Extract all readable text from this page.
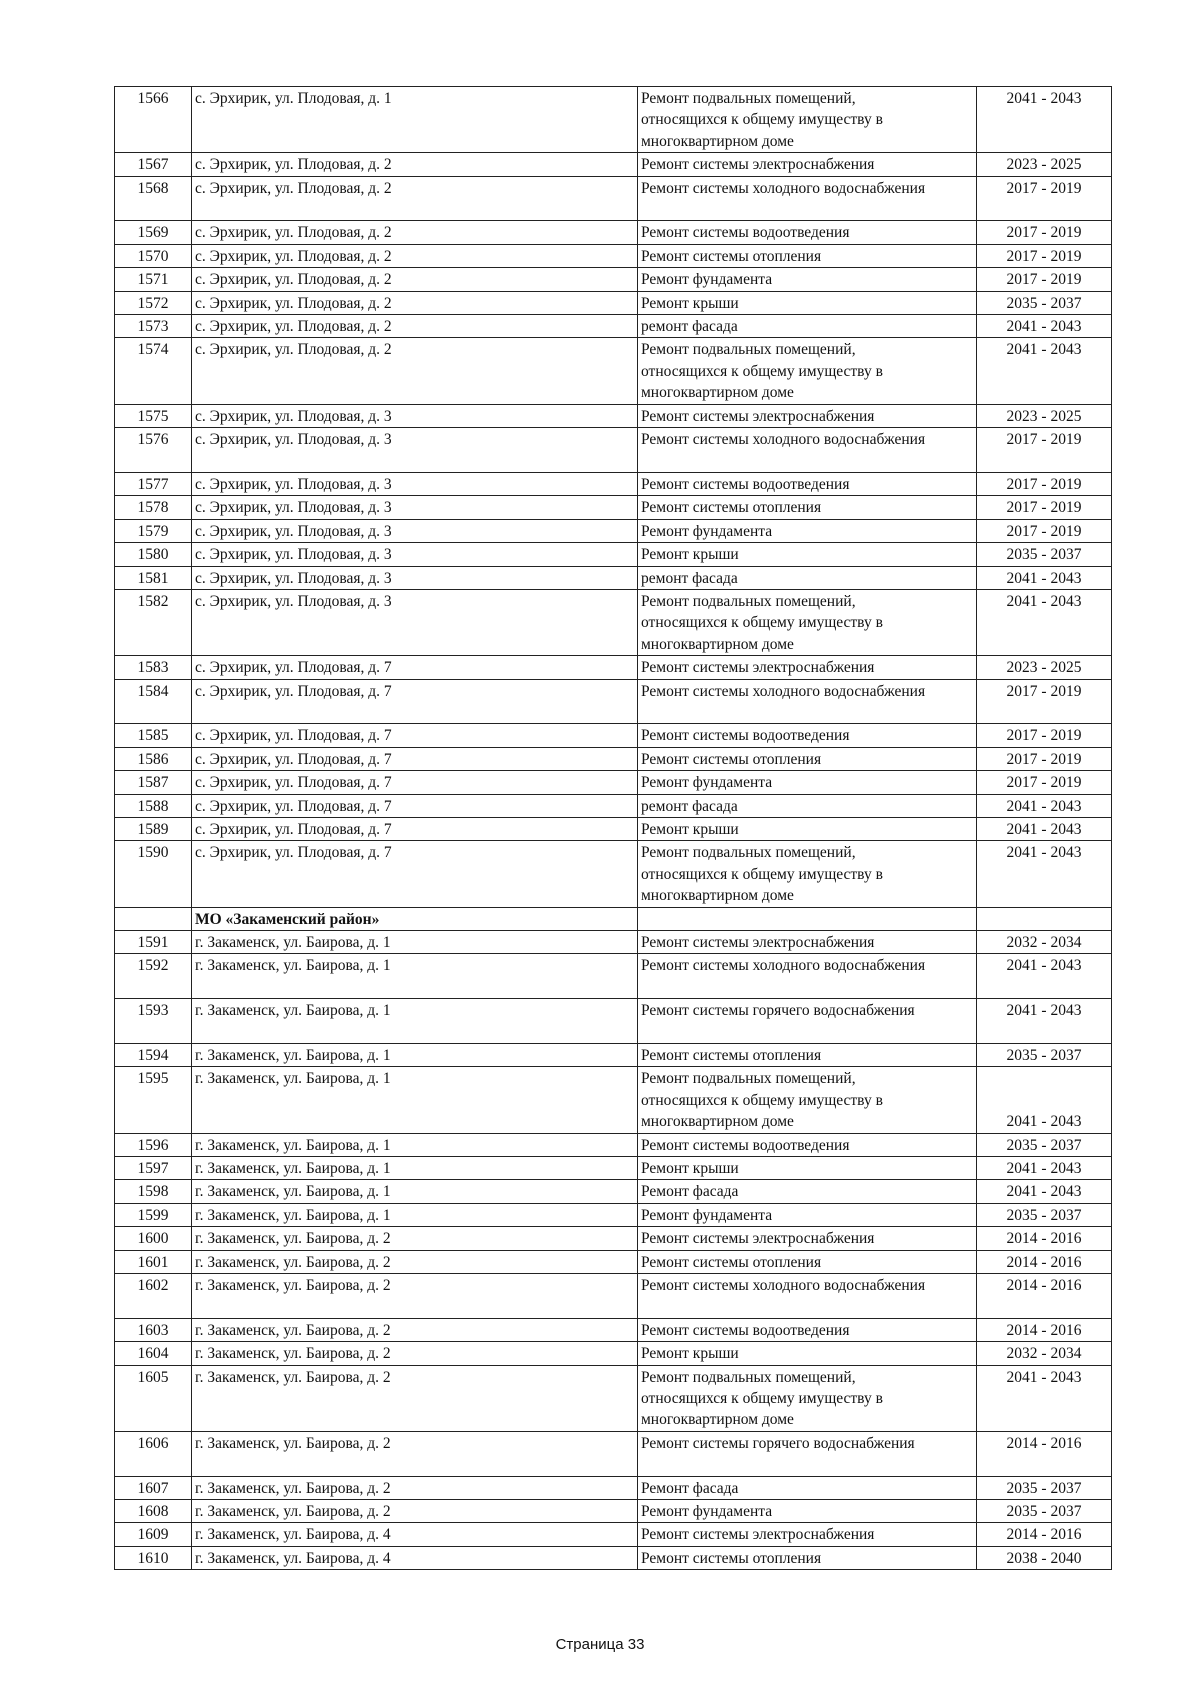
1566	с. Эрхирик, ул. Плодовая, д. 1	Ремонт подвальных помещений,
относящихся к общему имуществу в
многоквартирном доме	2041 - 2043
1567	с. Эрхирик, ул. Плодовая, д. 2	Ремонт системы электроснабжения	2023 - 2025
1568	с. Эрхирик, ул. Плодовая, д. 2	Ремонт системы холодного водоснабжения	2017 - 2019
1569	с. Эрхирик, ул. Плодовая, д. 2	Ремонт системы водоотведения	2017 - 2019
1570	с. Эрхирик, ул. Плодовая, д. 2	Ремонт системы отопления	2017 - 2019
1571	с. Эрхирик, ул. Плодовая, д. 2	Ремонт фундамента	2017 - 2019
1572	с. Эрхирик, ул. Плодовая, д. 2	Ремонт крыши	2035 - 2037
1573	с. Эрхирик, ул. Плодовая, д. 2	ремонт фасада	2041 - 2043
1574	с. Эрхирик, ул. Плодовая, д. 2	Ремонт подвальных помещений,
относящихся к общему имуществу в
многоквартирном доме	2041 - 2043
1575	с. Эрхирик, ул. Плодовая, д. 3	Ремонт системы электроснабжения	2023 - 2025
1576	с. Эрхирик, ул. Плодовая, д. 3	Ремонт системы холодного водоснабжения	2017 - 2019
1577	с. Эрхирик, ул. Плодовая, д. 3	Ремонт системы водоотведения	2017 - 2019
1578	с. Эрхирик, ул. Плодовая, д. 3	Ремонт системы отопления	2017 - 2019
1579	с. Эрхирик, ул. Плодовая, д. 3	Ремонт фундамента	2017 - 2019
1580	с. Эрхирик, ул. Плодовая, д. 3	Ремонт крыши	2035 - 2037
1581	с. Эрхирик, ул. Плодовая, д. 3	ремонт фасада	2041 - 2043
1582	с. Эрхирик, ул. Плодовая, д. 3	Ремонт подвальных помещений,
относящихся к общему имуществу в
многоквартирном доме	2041 - 2043
1583	с. Эрхирик, ул. Плодовая, д. 7	Ремонт системы электроснабжения	2023 - 2025
1584	с. Эрхирик, ул. Плодовая, д. 7	Ремонт системы холодного водоснабжения	2017 - 2019
1585	с. Эрхирик, ул. Плодовая, д. 7	Ремонт системы водоотведения	2017 - 2019
1586	с. Эрхирик, ул. Плодовая, д. 7	Ремонт системы отопления	2017 - 2019
1587	с. Эрхирик, ул. Плодовая, д. 7	Ремонт фундамента	2017 - 2019
1588	с. Эрхирик, ул. Плодовая, д. 7	ремонт фасада	2041 - 2043
1589	с. Эрхирик, ул. Плодовая, д. 7	Ремонт крыши	2041 - 2043
1590	с. Эрхирик, ул. Плодовая, д. 7	Ремонт подвальных помещений,
относящихся к общему имуществу в
многоквартирном доме	2041 - 2043
	МО «Закаменский район»		
1591	г. Закаменск, ул. Баирова, д. 1	Ремонт системы электроснабжения	2032 - 2034
1592	г. Закаменск, ул. Баирова, д. 1	Ремонт системы холодного водоснабжения	2041 - 2043
1593	г. Закаменск, ул. Баирова, д. 1	Ремонт системы горячего водоснабжения	2041 - 2043
1594	г. Закаменск, ул. Баирова, д. 1	Ремонт системы отопления	2035 - 2037
1595	г. Закаменск, ул. Баирова, д. 1	Ремонт подвальных помещений,
относящихся к общему имуществу в
многоквартирном доме	2041 - 2043
1596	г. Закаменск, ул. Баирова, д. 1	Ремонт системы водоотведения	2035 - 2037
1597	г. Закаменск, ул. Баирова, д. 1	Ремонт крыши	2041 - 2043
1598	г. Закаменск, ул. Баирова, д. 1	Ремонт фасада	2041 - 2043
1599	г. Закаменск, ул. Баирова, д. 1	Ремонт фундамента	2035 - 2037
1600	г. Закаменск, ул. Баирова, д. 2	Ремонт системы электроснабжения	2014 - 2016
1601	г. Закаменск, ул. Баирова, д. 2	Ремонт системы отопления	2014 - 2016
1602	г. Закаменск, ул. Баирова, д. 2	Ремонт системы холодного водоснабжения	2014 - 2016
1603	г. Закаменск, ул. Баирова, д. 2	Ремонт системы водоотведения	2014 - 2016
1604	г. Закаменск, ул. Баирова, д. 2	Ремонт крыши	2032 - 2034
1605	г. Закаменск, ул. Баирова, д. 2	Ремонт подвальных помещений,
относящихся к общему имуществу в
многоквартирном доме	2041 - 2043
1606	г. Закаменск, ул. Баирова, д. 2	Ремонт системы горячего водоснабжения	2014 - 2016
1607	г. Закаменск, ул. Баирова, д. 2	Ремонт фасада	2035 - 2037
1608	г. Закаменск, ул. Баирова, д. 2	Ремонт фундамента	2035 - 2037
1609	г. Закаменск, ул. Баирова, д. 4	Ремонт системы электроснабжения	2014 - 2016
1610	г. Закаменск, ул. Баирова, д. 4	Ремонт системы отопления	2038 - 2040
Страница 33
